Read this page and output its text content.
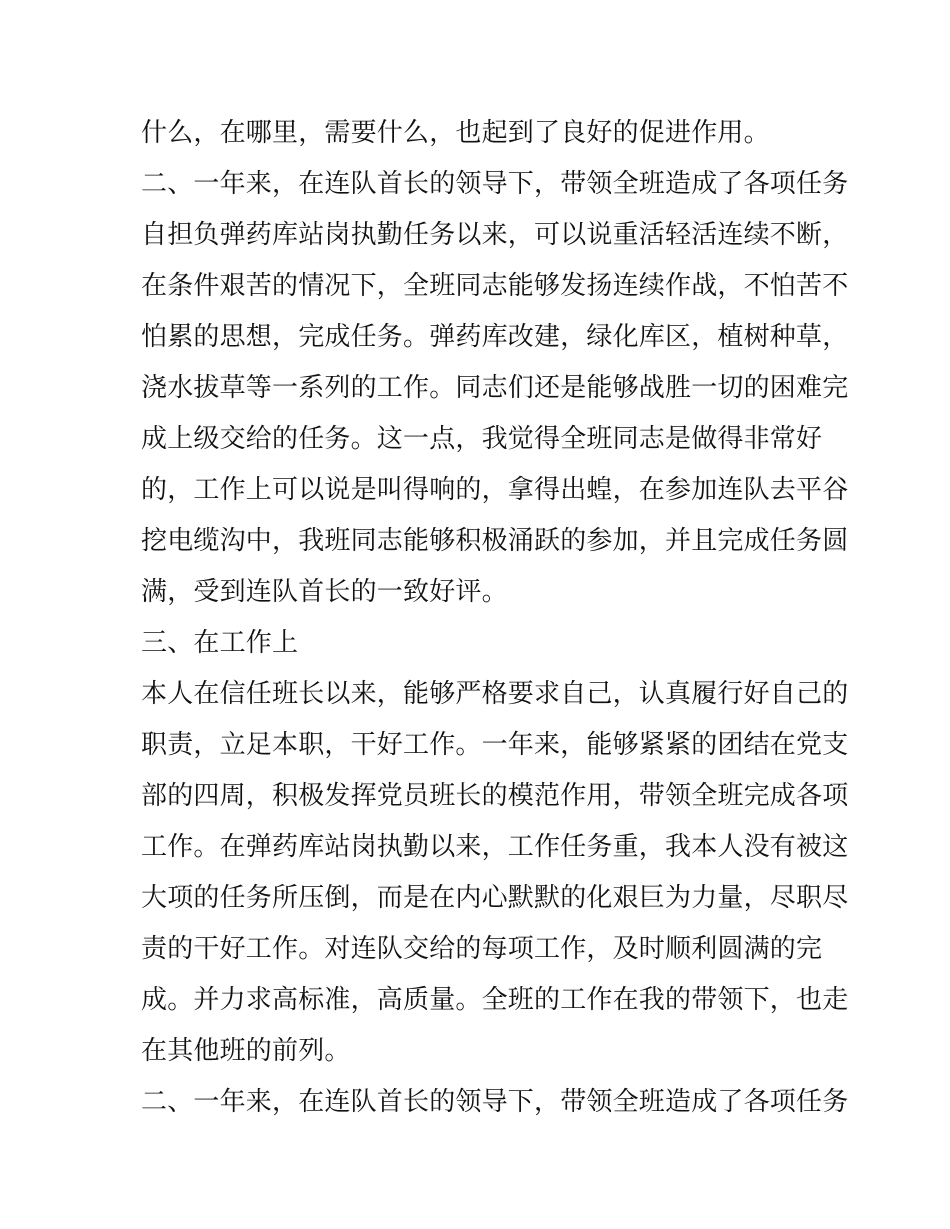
什么，在哪里，需要什么，也起到了良好的促进作用。
二、一年来，在连队首长的领导下，带领全班造成了各项任务
自担负弹药库站岗执勤任务以来，可以说重活轻活连续不断，
在条件艰苦的情况下，全班同志能够发扬连续作战，不怕苦不
怕累的思想，完成任务。弹药库改建，绿化库区，植树种草，
浇水拔草等一系列的工作。同志们还是能够战胜一切的困难完
成上级交给的任务。这一点，我觉得全班同志是做得非常好
的，工作上可以说是叫得响的，拿得出蝗，在参加连队去平谷
挖电缆沟中，我班同志能够积极涌跃的参加，并且完成任务圆
满，受到连队首长的一致好评。
三、在工作上
本人在信任班长以来，能够严格要求自己，认真履行好自己的
职责，立足本职，干好工作。一年来，能够紧紧的团结在党支
部的四周，积极发挥党员班长的模范作用，带领全班完成各项
工作。在弹药库站岗执勤以来，工作任务重，我本人没有被这
大项的任务所压倒，而是在内心默默的化艰巨为力量，尽职尽
责的干好工作。对连队交给的每项工作，及时顺利圆满的完
成。并力求高标准，高质量。全班的工作在我的带领下，也走
在其他班的前列。
二、一年来，在连队首长的领导下，带领全班造成了各项任务
